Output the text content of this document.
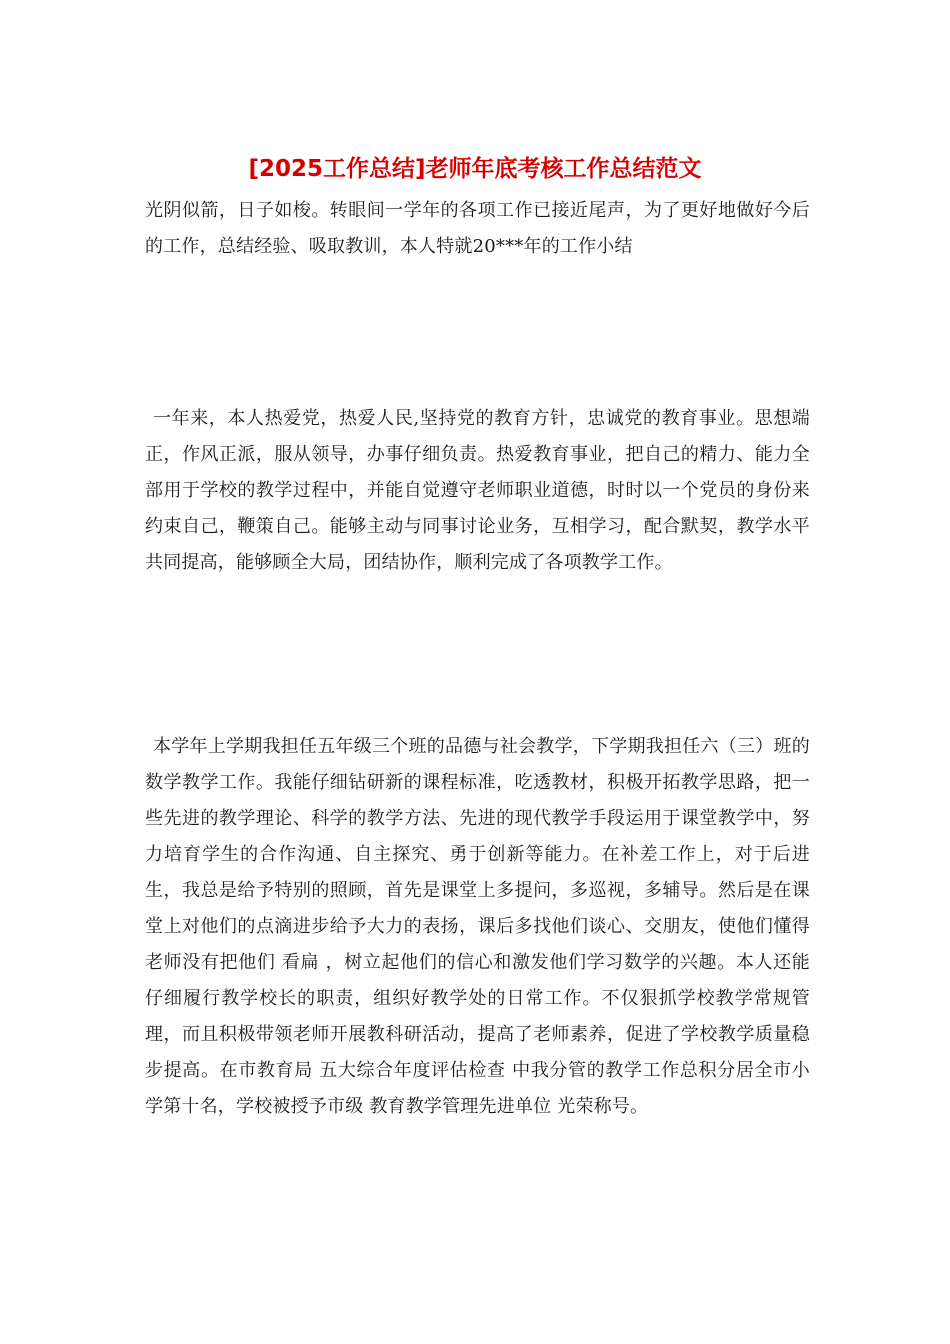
[2025工作总结]老师年底考核工作总结范文

光阴似箭，日子如梭。转眼间一学年的各项工作已接近尾声，为了更好地做好今后的工作，总结经验、吸取教训，本人特就20***年的工作小结

一年来，本人热爱党，热爱人民,坚持党的教育方针，忠诚党的教育事业。思想端正，作风正派，服从领导，办事仔细负责。热爱教育事业，把自己的精力、能力全部用于学校的教学过程中，并能自觉遵守老师职业道德，时时以一个党员的身份来约束自己，鞭策自己。能够主动与同事讨论业务，互相学习，配合默契，教学水平共同提高，能够顾全大局，团结协作，顺利完成了各项教学工作。

本学年上学期我担任五年级三个班的品德与社会教学，下学期我担任六（三）班的数学教学工作。我能仔细钻研新的课程标准，吃透教材，积极开拓教学思路，把一些先进的教学理论、科学的教学方法、先进的现代教学手段运用于课堂教学中，努力培育学生的合作沟通、自主探究、勇于创新等能力。在补差工作上，对于后进生，我总是给予特别的照顾，首先是课堂上多提问，多巡视，多辅导。然后是在课堂上对他们的点滴进步给予大力的表扬，课后多找他们谈心、交朋友，使他们懂得老师没有把他们 看扁 ，树立起他们的信心和激发他们学习数学的兴趣。本人还能仔细履行教学校长的职责，组织好教学处的日常工作。不仅狠抓学校教学常规管理，而且积极带领老师开展教科研活动，提高了老师素养，促进了学校教学质量稳步提高。在市教育局 五大综合年度评估检查 中我分管的教学工作总积分居全市小学第十名，学校被授予市级 教育教学管理先进单位 光荣称号。
